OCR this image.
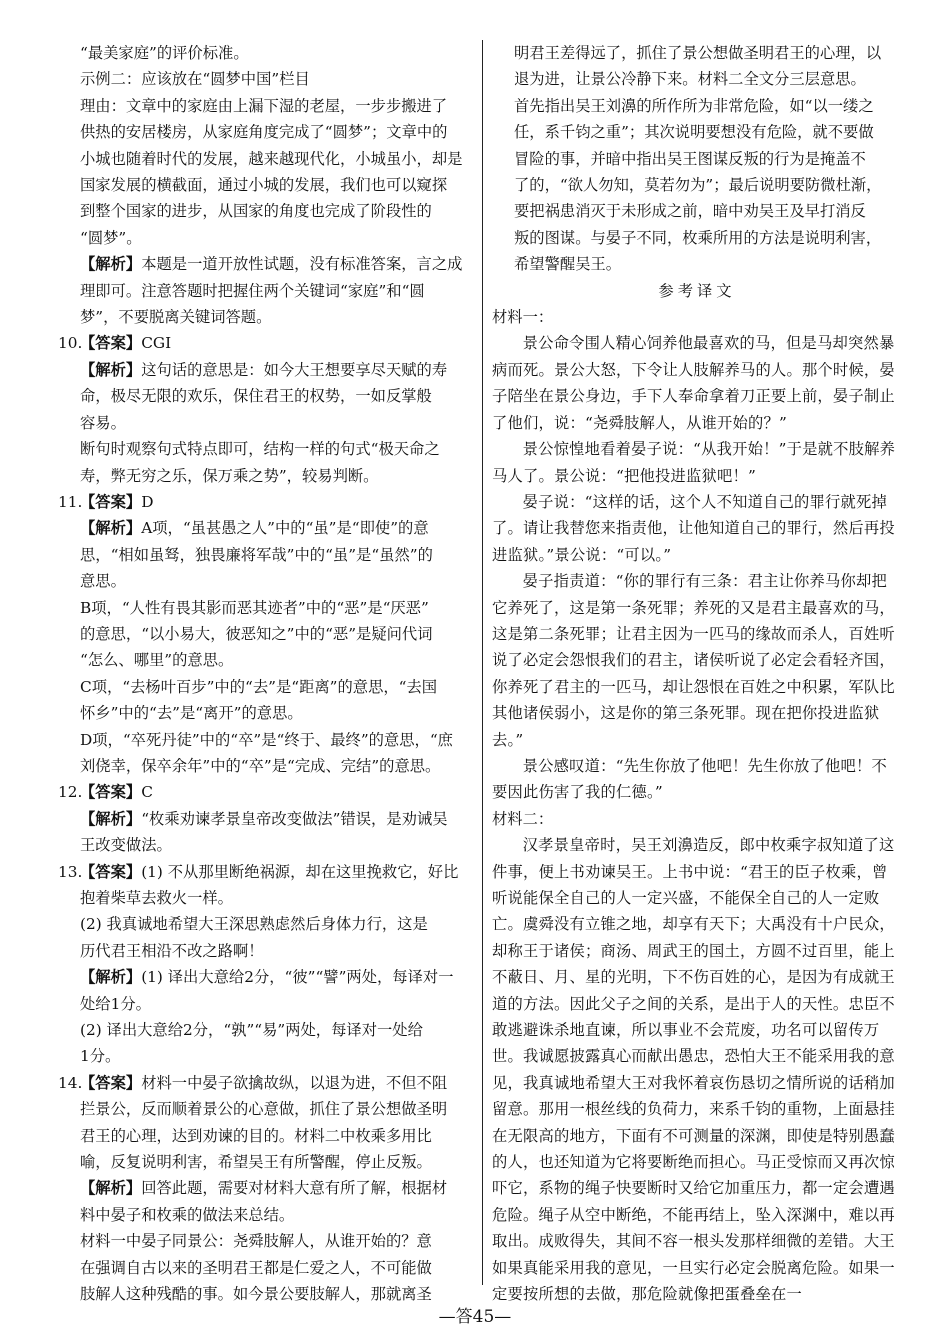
“最美家庭”的评价标准。

示例二：应该放在“圆梦中国”栏目

理由：文章中的家庭由上漏下湿的老屋，一步步搬进了
供热的安居楼房，从家庭角度完成了“圆梦”；文章中的
小城也随着时代的发展，越来越现代化，小城虽小，却是
国家发展的横截面，通过小城的发展，我们也可以窥探
到整个国家的进步，从国家的角度也完成了阶段性的
“圆梦”。

【解析】本题是一道开放性试题，没有标准答案，言之成
理即可。注意答题时把握住两个关键词“家庭”和“圆
梦”，不要脱离关键词答题。
10.
【答案】CGI
【解析】这句话的意思是：如今大王想要享尽天赋的寿
命，极尽无限的欢乐，保住君王的权势，一如反掌般
容易。

断句时观察句式特点即可，结构一样的句式“极天命之
寿，弊无穷之乐，保万乘之势”，较易判断。

11.
【答案】D
【解析】A项，“虽甚愚之人”中的“虽”是“即使”的意
思，“相如虽驽，独畏廉将军哉”中的“虽”是“虽然”的
意思。

B项，“人性有畏其影而恶其迹者”中的“恶”是“厌恶”
的意思，“以小易大，彼恶知之”中的“恶”是疑问代词
“怎么、哪里”的意思。

C项，“去杨叶百步”中的“去”是“距离”的意思，“去国
怀乡”中的“去”是“离开”的意思。

D项，“卒死丹徒”中的“卒”是“终于、最终”的意思，“庶
刘侥幸，保卒余年”中的“卒”是“完成、完结”的意思。

12.
【答案】C
【解析】“枚乘劝谏孝景皇帝改变做法”错误，是劝诫吴
王改变做法。
13.
【答案】(1) 不从那里断绝祸源，却在这里挽救它，好比
抱着柴草去救火一样。

(2) 我真诚地希望大王深思熟虑然后身体力行，这是
历代君王相沿不改之路啊！

【解析】(1) 译出大意给2分，“彼”“譬”两处，每译对一
处给1分。

(2) 译出大意给2分，“孰”“易”两处，每译对一处给
1分。

14.
【答案】材料一中晏子欲擒故纵，以退为进，不但不阻
拦景公，反而顺着景公的心意做，抓住了景公想做圣明
君王的心理，达到劝谏的目的。材料二中枚乘多用比
喻，反复说明利害，希望吴王有所警醒，停止反叛。
【解析】回答此题，需要对材料大意有所了解，根据材
料中晏子和枚乘的做法来总结。

材料一中晏子同景公：尧舜肢解人，从谁开始的？意
在强调自古以来的圣明君王都是仁爱之人，不可能做
肢解人这种残酷的事。如今景公要肢解人，那就离圣

明君王差得远了，抓住了景公想做圣明君王的心理，以
退为进，让景公冷静下来。材料二全文分三层意思。
首先指出吴王刘濞的所作所为非常危险，如“以一缕之
任，系千钧之重”；其次说明要想没有危险，就不要做
冒险的事，并暗中指出吴王图谋反叛的行为是掩盖不
了的，“欲人勿知，莫若勿为”；最后说明要防微杜渐，
要把祸患消灭于未形成之前，暗中劝吴王及早打消反
叛的图谋。与晏子不同，枚乘所用的方法是说明利害，
希望警醒吴王。

参考译文

材料一：

景公命令围人精心饲养他最喜欢的马，但是马却突然暴病而死。景公大怒，下令让人肢解养马的人。那个时候，晏子陪坐在景公身边，手下人奉命拿着刀正要上前，晏子制止了他们，说：“尧舜肢解人，从谁开始的？”

景公惊惶地看着晏子说：“从我开始！”于是就不肢解养马人了。景公说：“把他投进监狱吧！”

晏子说：“这样的话，这个人不知道自己的罪行就死掉了。请让我替您来指责他，让他知道自己的罪行，然后再投进监狱。”景公说：“可以。”

晏子指责道：“你的罪行有三条：君主让你养马你却把它养死了，这是第一条死罪；养死的又是君主最喜欢的马，这是第二条死罪；让君主因为一匹马的缘故而杀人，百姓听说了必定会怨恨我们的君主，诸侯听说了必定会看轻齐国，你养死了君主的一匹马，却让怨恨在百姓之中积累，军队比其他诸侯弱小，这是你的第三条死罪。现在把你投进监狱去。”

景公感叹道：“先生你放了他吧！先生你放了他吧！不要因此伤害了我的仁德。”

材料二：

汉孝景皇帝时，吴王刘濞造反，郎中枚乘字叔知道了这件事，便上书劝谏吴王。上书中说：“君王的臣子枚乘，曾听说能保全自己的人一定兴盛，不能保全自己的人一定败亡。虞舜没有立锥之地，却享有天下；大禹没有十户民众，却称王于诸侯；商汤、周武王的国土，方圆不过百里，能上不蔽日、月、星的光明，下不伤百姓的心，是因为有成就王道的方法。因此父子之间的关系，是出于人的天性。忠臣不敢逃避诛杀地直谏，所以事业不会荒废，功名可以留传万世。我诚愿披露真心而献出愚忠，恐怕大王不能采用我的意见，我真诚地希望大王对我怀着哀伤恳切之情所说的话稍加留意。那用一根丝线的负荷力，来系千钧的重物，上面悬挂在无限高的地方，下面有不可测量的深渊，即使是特别愚蠢的人，也还知道为它将要断绝而担心。马正受惊而又再次惊吓它，系物的绳子快要断时又给它加重压力，都一定会遭遇危险。绳子从空中断绝，不能再结上，坠入深渊中，难以再取出。成败得失，其间不容一根头发那样细微的差错。大王如果真能采用我的意见，一旦实行必定会脱离危险。如果一定要按所想的去做，那危险就像把蛋叠垒在一

—答45—
